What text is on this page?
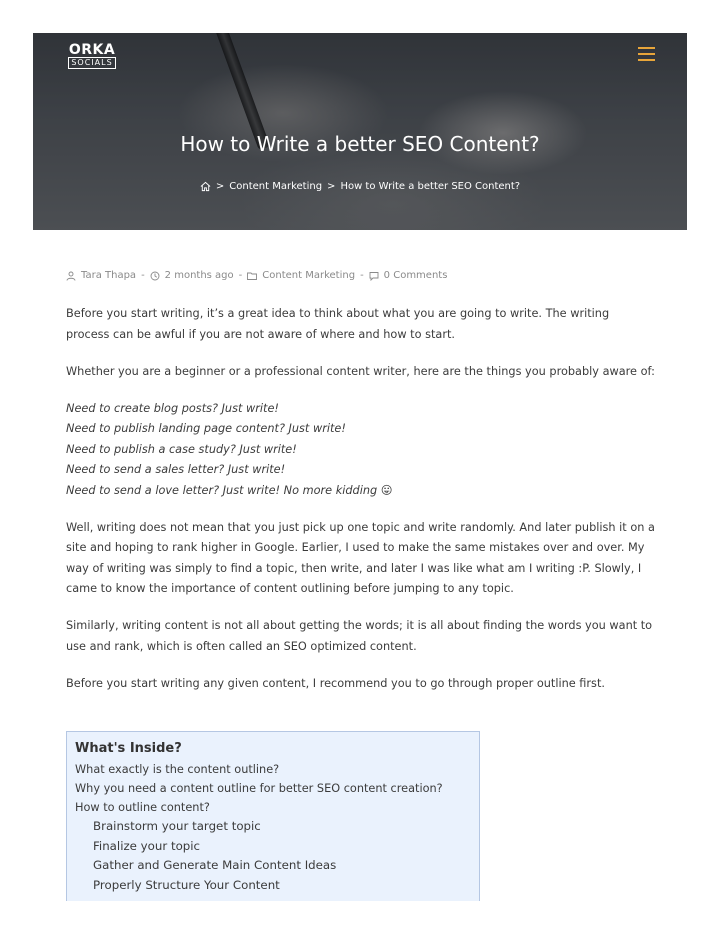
ORKA
SOCIALS
How to Write a better SEO Content?
> Content Marketing > How to Write a better SEO Content?
Tara Thapa - 2 months ago - Content Marketing - 0 Comments

Before you start writing, it’s a great idea to think about what you are going to write. The writing process can be awful if you are not aware of where and how to start.

Whether you are a beginner or a professional content writer, here are the things you probably aware of:

Need to create blog posts? Just write!
Need to publish landing page content? Just write!
Need to publish a case study? Just write!
Need to send a sales letter? Just write!
Need to send a love letter? Just write! No more kidding 😛

Well, writing does not mean that you just pick up one topic and write randomly. And later publish it on a site and hoping to rank higher in Google. Earlier, I used to make the same mistakes over and over. My way of writing was simply to find a topic, then write, and later I was like what am I writing :P. Slowly, I came to know the importance of content outlining before jumping to any topic.

Similarly, writing content is not all about getting the words; it is all about finding the words you want to use and rank, which is often called an SEO optimized content.

Before you start writing any given content, I recommend you to go through proper outline first.

What's Inside?
What exactly is the content outline?
Why you need a content outline for better SEO content creation?
How to outline content?
Brainstorm your target topic
Finalize your topic
Gather and Generate Main Content Ideas
Properly Structure Your Content
